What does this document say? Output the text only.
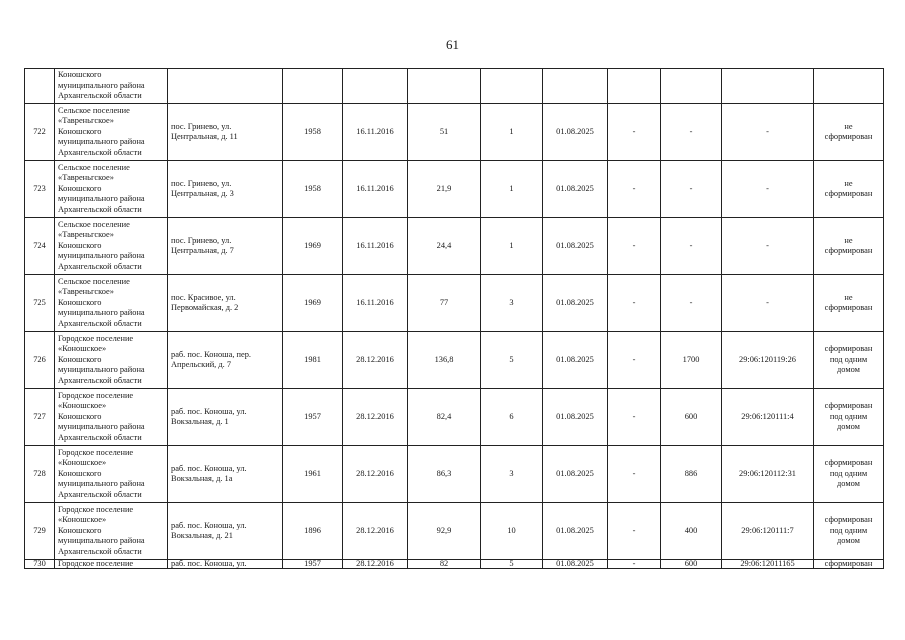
61
	Коношского
муниципального района
Архангельской области										
722	Сельское поселение
«Тавреньгское»
Коношского
муниципального района
Архангельской области	пос. Гринево, ул.
Центральная, д. 11	1958	16.11.2016	51	1	01.08.2025	-	-	-	не
сформирован
723	Сельское поселение
«Тавреньгское»
Коношского
муниципального района
Архангельской области	пос. Гринево, ул.
Центральная, д. 3	1958	16.11.2016	21,9	1	01.08.2025	-	-	-	не
сформирован
724	Сельское поселение
«Тавреньгское»
Коношского
муниципального района
Архангельской области	пос. Гринево, ул.
Центральная, д. 7	1969	16.11.2016	24,4	1	01.08.2025	-	-	-	не
сформирован
725	Сельское поселение
«Тавреньгское»
Коношского
муниципального района
Архангельской области	пос. Красивое, ул.
Первомайская, д. 2	1969	16.11.2016	77	3	01.08.2025	-	-	-	не
сформирован
726	Городское поселение
«Коношское»
Коношского
муниципального района
Архангельской области	раб. пос. Коноша, пер.
Апрельский, д. 7	1981	28.12.2016	136,8	5	01.08.2025	-	1700	29:06:120119:26	сформирован
под одним
домом
727	Городское поселение
«Коношское»
Коношского
муниципального района
Архангельской области	раб. пос. Коноша, ул.
Вокзальная, д. 1	1957	28.12.2016	82,4	6	01.08.2025	-	600	29:06:120111:4	сформирован
под одним
домом
728	Городское поселение
«Коношское»
Коношского
муниципального района
Архангельской области	раб. пос. Коноша, ул.
Вокзальная, д. 1а	1961	28.12.2016	86,3	3	01.08.2025	-	886	29:06:120112:31	сформирован
под одним
домом
729	Городское поселение
«Коношское»
Коношского
муниципального района
Архангельской области	раб. пос. Коноша, ул.
Вокзальная, д. 21	1896	28.12.2016	92,9	10	01.08.2025	-	400	29:06:120111:7	сформирован
под одним
домом
730	Городское поселение	раб. пос. Коноша, ул.	1957	28.12.2016	82	5	01.08.2025	-	600	29:06:12011165	сформирован
